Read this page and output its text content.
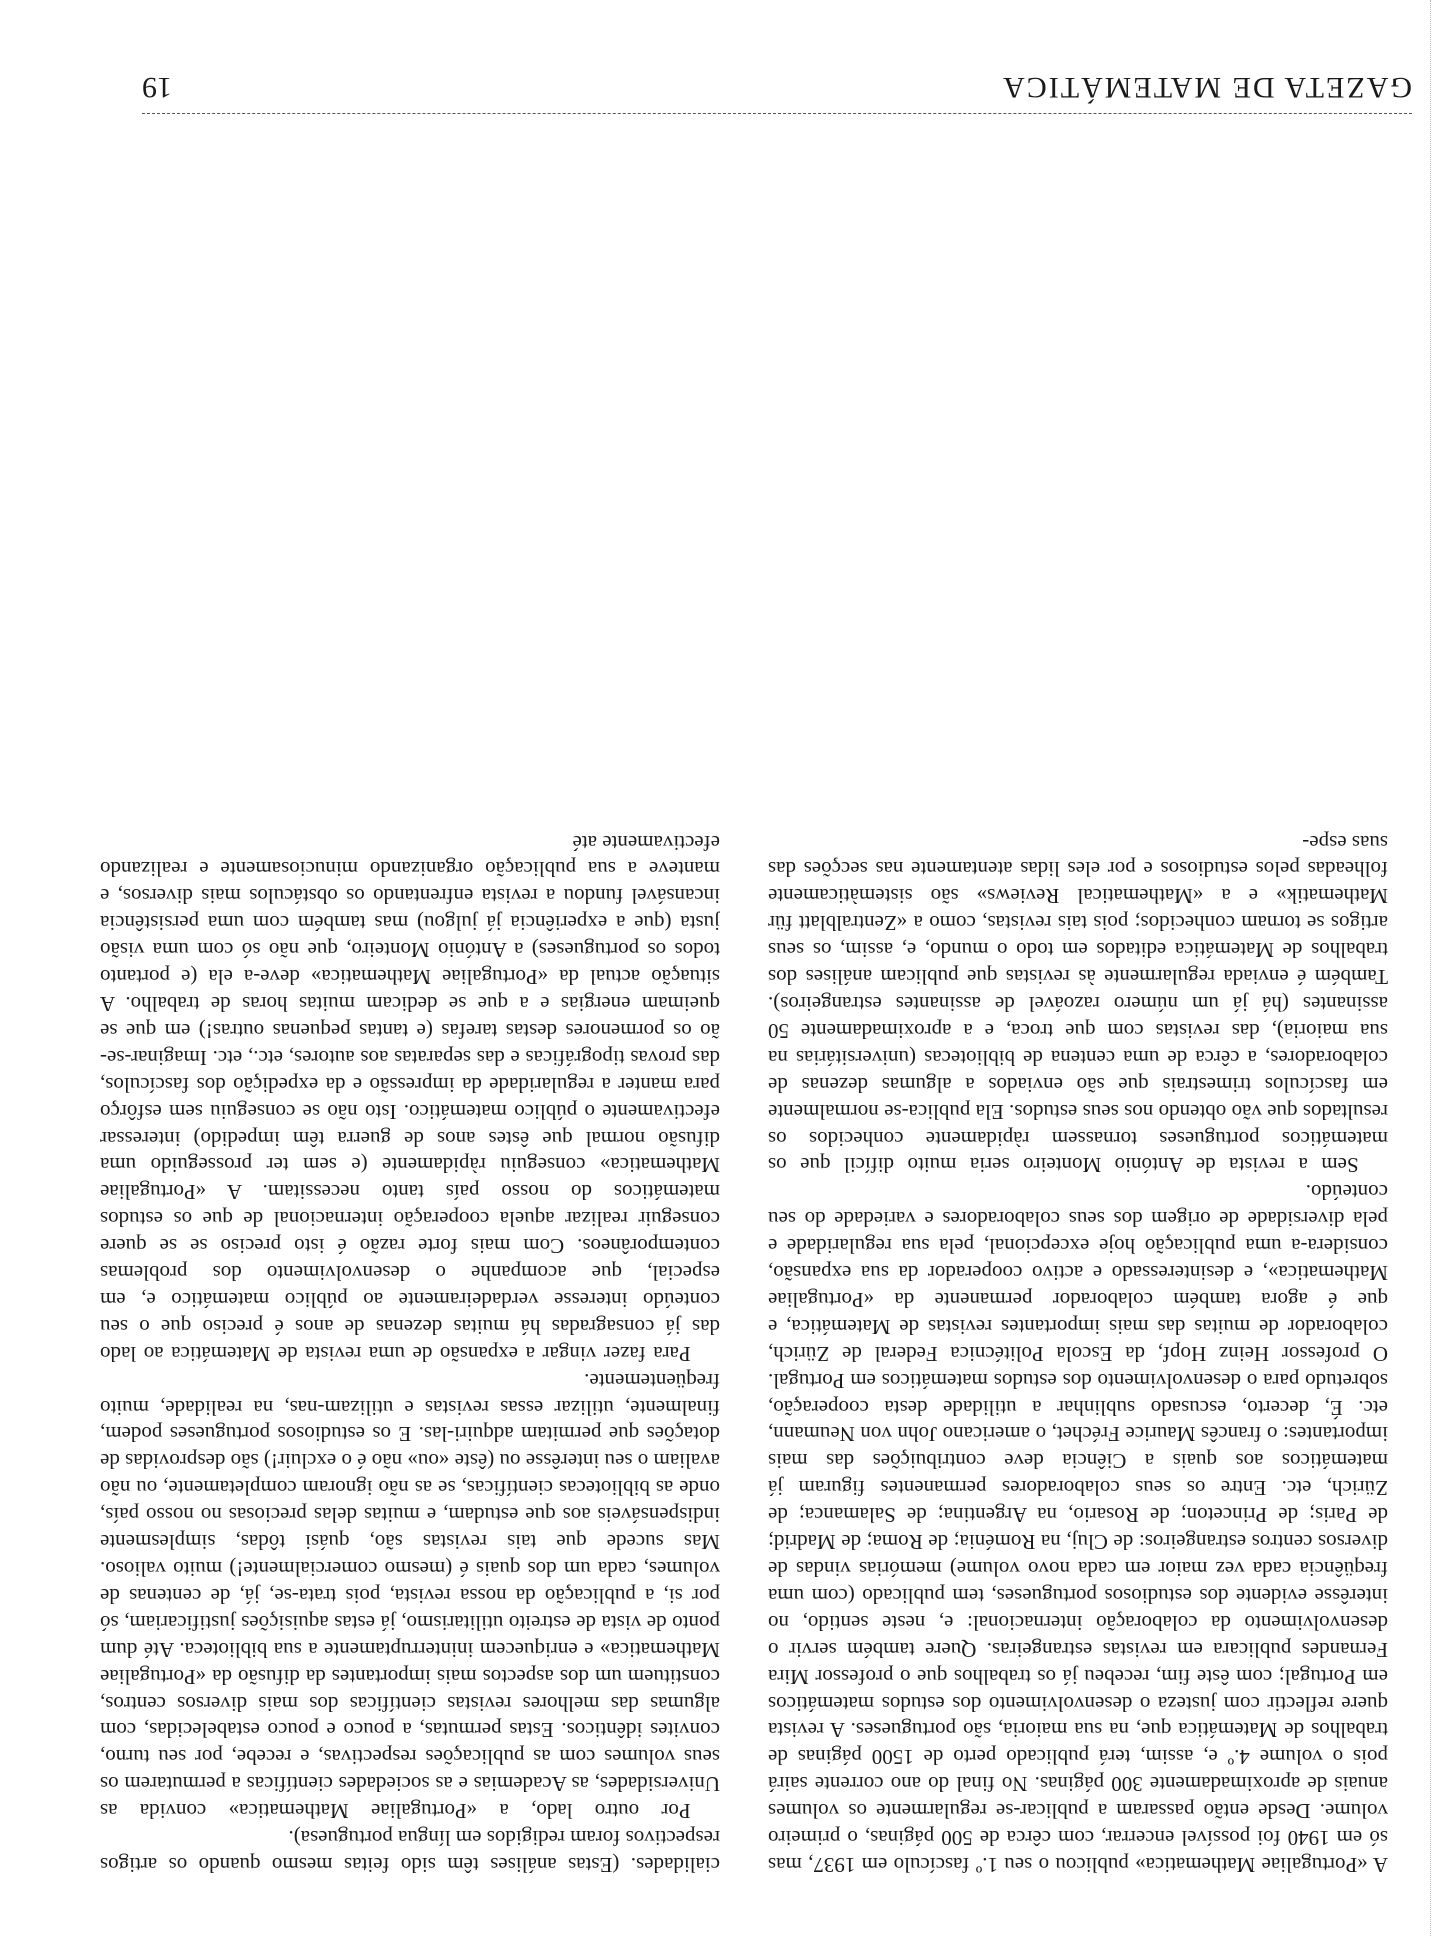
GAZETA DE MATEMÁTICA
19

A «Portugaliae Mathematica» publicou o seu 1.º fascículo em 1937, mas só em 1940 foi possível encerrar, com cêrca de 500 páginas, o primeiro volume. Desde então passaram a publicar-se regularmente os volumes anuais de aproximadamente 300 páginas. No final do ano corrente sairá pois o volume 4.º e, assim, terá publicado perto de 1500 páginas de trabalhos de Matemática que, na sua maioria, são portugueses. A revista quere reflectir com justeza o desenvolvimento dos estudos matemáticos em Portugal; com êste fim, recebeu já os trabalhos que o professor Mira Fernandes publicara em revistas estrangeiras. Quere também servir o desenvolvimento da colaboração internacional: e, neste sentido, no interêsse evidente dos estudiosos portugueses, tem publicado (com uma freqüência cada vez maior em cada novo volume) memórias vindas de diversos centros estrangeiros: de Cluj, na Roménia; de Roma; de Madrid; de Paris; de Princeton; de Rosario, na Argentina; de Salamanca; de Zürich, etc. Entre os seus colaboradores permanentes figuram já matemáticos aos quais a Ciência deve contribuições das mais importantes: o francês Maurice Fréchet, o americano John von Neumann, etc. É, decerto, escusado sublinhar a utilidade desta cooperação, sobretudo para o desenvolvimento dos estudos matemáticos em Portugal. O professor Heinz Hopf, da Escola Politécnica Federal de Zürich, colaborador de muitas das mais importantes revistas de Matemática, e que é agora também colaborador permanente da «Portugaliae Mathematica», e desinteressado e activo cooperador da sua expansão, considera-a uma publicação hoje excepcional, pela sua regularidade e pela diversidade de origem dos seus colaboradores e variedade do seu conteúdo.

Sem a revista de António Monteiro seria muito difícil que os matemáticos portugueses tornassem ràpidamente conhecidos os resultados que vão obtendo nos seus estudos. Ela publica-se normalmente em fascículos trimestrais que são enviados a algumas dezenas de colaboradores, a cêrca de uma centena de bibliotecas (universitárias na sua maioria), das revistas com que troca, e a aproximadamente 50 assinantes (há já um número razoável de assinantes estrangeiros). Também é enviada regularmente às revistas que publicam análises dos trabalhos de Matemática editados em todo o mundo, e, assim, os seus artigos se tornam conhecidos; pois tais revistas, como a «Zentralblatt für Mathematik» e a «Mathematical Reviews» são sistemàticamente folheadas pelos estudiosos e por eles lidas atentamente nas secções das suas espe-

cialidades. (Estas análises têm sido feitas mesmo quando os artigos respectivos foram redigidos em língua portuguesa).

Por outro lado, a «Portugaliae Mathematica» convida as Universidades, as Academias e as sociedades científicas a permutarem os seus volumes com as publicações respectivas, e recebe, por seu turno, convites idênticos. Estas permutas, a pouco e pouco estabelecidas, com algumas das melhores revistas científicas dos mais diversos centros, constituem um dos aspectos mais importantes da difusão da «Portugaliae Mathematica» e enriquecem ininterruptamente a sua biblioteca. Até dum ponto de vista de estreito utilitarismo, já estas aquisições justificariam, só por si, a publicação da nossa revista, pois trata-se, já, de centenas de volumes, cada um dos quais é (mesmo comercialmente!) muito valioso. Mas sucede que tais revistas são, quási tôdas, simplesmente indispensáveis aos que estudam, e muitas delas preciosas no nosso país, onde as bibliotecas científicas, se as não ignoram completamente, ou não avaliam o seu interêsse ou (êste «ou» não é o excluir!) são desprovidas de dotações que permitam adquiri-las. E os estudiosos portugueses podem, finalmente, utilizar essas revistas e utilizam-nas, na realidade, muito freqüentemente.

Para fazer vingar a expansão de uma revista de Matemática ao lado das já consagradas há muitas dezenas de anos é preciso que o seu conteúdo interesse verdadeiramente ao público matemático e, em especial, que acompanhe o desenvolvimento dos problemas contemporâneos. Com mais forte razão é isto preciso se se quere conseguir realizar aquela cooperação internacional de que os estudos matemáticos do nosso país tanto necessitam. A «Portugaliae Mathematica» conseguiu ràpidamente (e sem ter prosseguido uma difusão normal que êstes anos de guerra têm impedido) interessar efectivamente o público matemático. Isto não se conseguiu sem esfôrço para manter a regularidade da impressão e da expedição dos fascículos, das provas tipográficas e das separatas aos autores, etc., etc. Imaginar-se-ão os pormenores destas tarefas (e tantas pequenas outras!) em que se queimam energias e a que se dedicam muitas horas de trabalho. A situação actual da «Portugaliae Mathematica» deve-a ela (e portanto todos os portugueses) a António Monteiro, que não só com uma visão justa (que a experiência já julgou) mas também com uma persistência incansável fundou a revista enfrentando os obstáculos mais diversos, e manteve a sua publicação organizando minuciosamente e realizando efectivamente até
